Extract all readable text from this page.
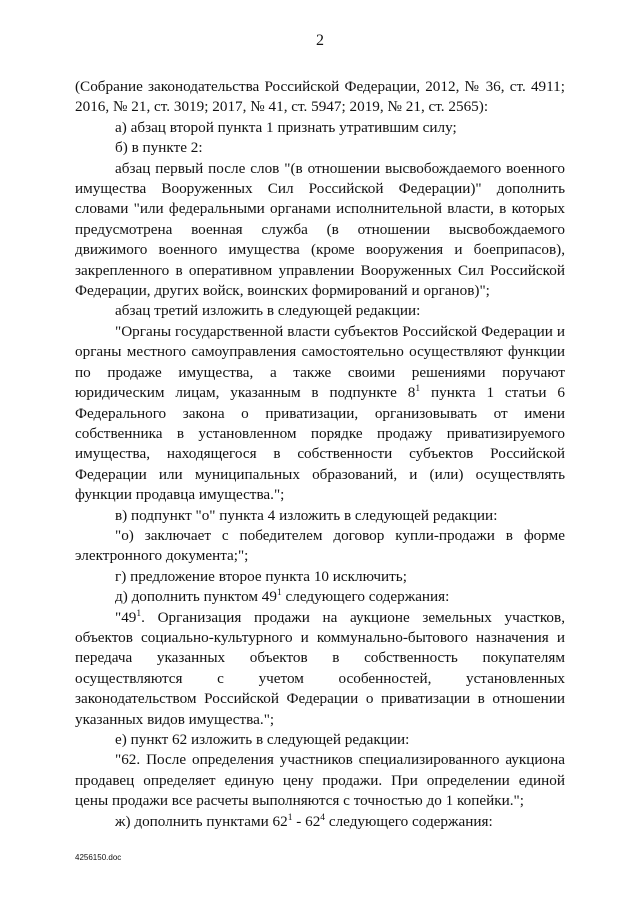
2

(Собрание законодательства Российской Федерации, 2012, № 36, ст. 4911; 2016, № 21, ст. 3019; 2017, № 41, ст. 5947; 2019, № 21, ст. 2565):

а) абзац второй пункта 1 признать утратившим силу;

б) в пункте 2:

абзац первый после слов "(в отношении высвобождаемого военного имущества Вооруженных Сил Российской Федерации)" дополнить словами "или федеральными органами исполнительной власти, в которых предусмотрена военная служба (в отношении высвобождаемого движимого военного имущества (кроме вооружения и боеприпасов), закрепленного в оперативном управлении Вооруженных Сил Российской Федерации, других войск, воинских формирований и органов)";

абзац третий изложить в следующей редакции:

"Органы государственной власти субъектов Российской Федерации и органы местного самоуправления самостоятельно осуществляют функции по продаже имущества, а также своими решениями поручают юридическим лицам, указанным в подпункте $8^1$ пункта 1 статьи 6 Федерального закона о приватизации, организовывать от имени собственника в установленном порядке продажу приватизируемого имущества, находящегося в собственности субъектов Российской Федерации или муниципальных образований, и (или) осуществлять функции продавца имущества.";

в) подпункт "о" пункта 4 изложить в следующей редакции:

"о) заключает с победителем договор купли-продажи в форме электронного документа;";

г) предложение второе пункта 10 исключить;

д) дополнить пунктом $49^1$ следующего содержания:

"$49^1$. Организация продажи на аукционе земельных участков, объектов социально-культурного и коммунально-бытового назначения и передача указанных объектов в собственность покупателям осуществляются с учетом особенностей, установленных законодательством Российской Федерации о приватизации в отношении указанных видов имущества.";

е) пункт 62 изложить в следующей редакции:

"62. После определения участников специализированного аукциона продавец определяет единую цену продажи. При определении единой цены продажи все расчеты выполняются с точностью до 1 копейки.";

ж) дополнить пунктами $62^1 - 62^4$ следующего содержания:

4256150.doc
